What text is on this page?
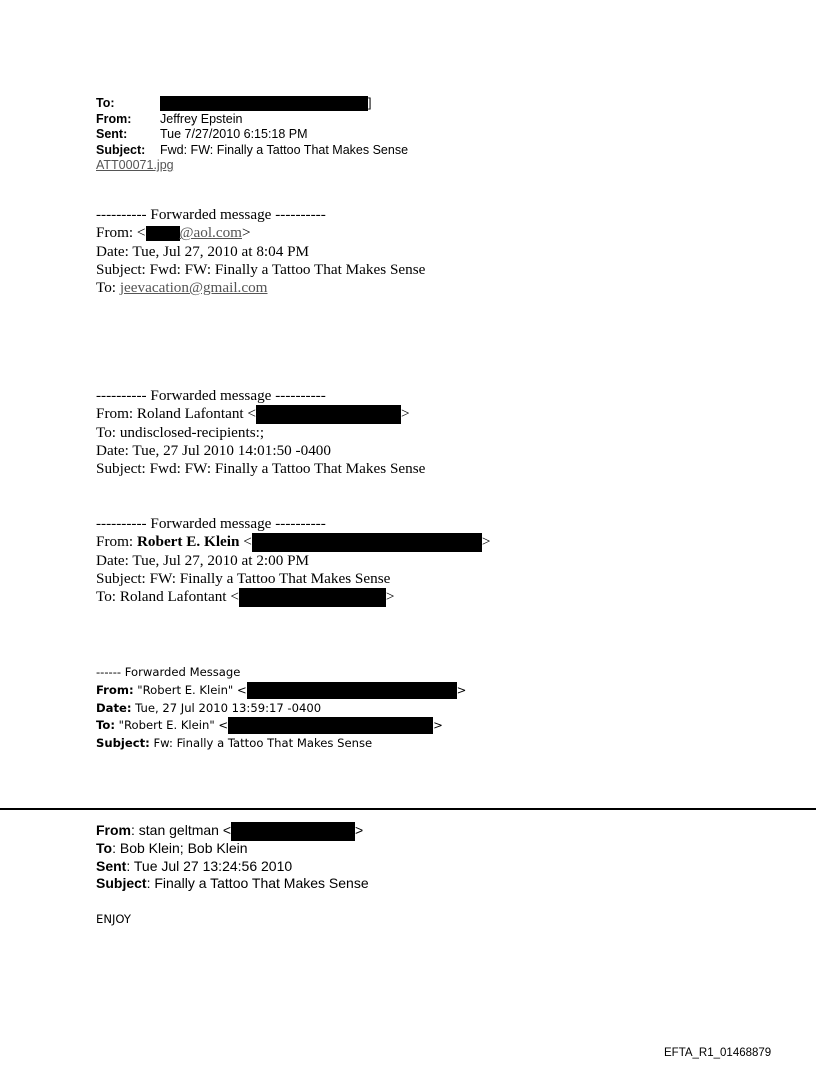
To:	]
From: Jeffrey Epstein
Sent:	Tue 7/27/2010 6:15:18 PM
Subject: Fwd: FW: Finally a Tattoo That Makes Sense
ATT00071.jpg
---------- Forwarded message ----------
From: < @aol.com>
Date: Tue, Jul 27, 2010 at 8:04 PM
Subject: Fwd: FW: Finally a Tattoo That Makes Sense
To: jeevacation@gmail.com
---------- Forwarded message ----------
From: Roland Lafontant <	>
To: undisclosed-recipients:;
Date: Tue, 27 Jul 2010 14:01:50 -0400
Subject: Fwd: FW: Finally a Tattoo That Makes Sense
---------- Forwarded message ----------
From: Robert E. Klein <	>
Date: Tue, Jul 27, 2010 at 2:00 PM
Subject: FW: Finally a Tattoo That Makes Sense
To: Roland Lafontant <	>
------ Forwarded Message
From: "Robert E. Klein" <	>
Date: Tue, 27 Jul 2010 13:59:17 -0400
To: "Robert E. Klein" <	>
Subject: Fw: Finally a Tattoo That Makes Sense
From: stan geltman <	>
To: Bob Klein; Bob Klein
Sent: Tue Jul 27 13:24:56 2010
Subject: Finally a Tattoo That Makes Sense
ENJOY
EFTA_R1_01468879
